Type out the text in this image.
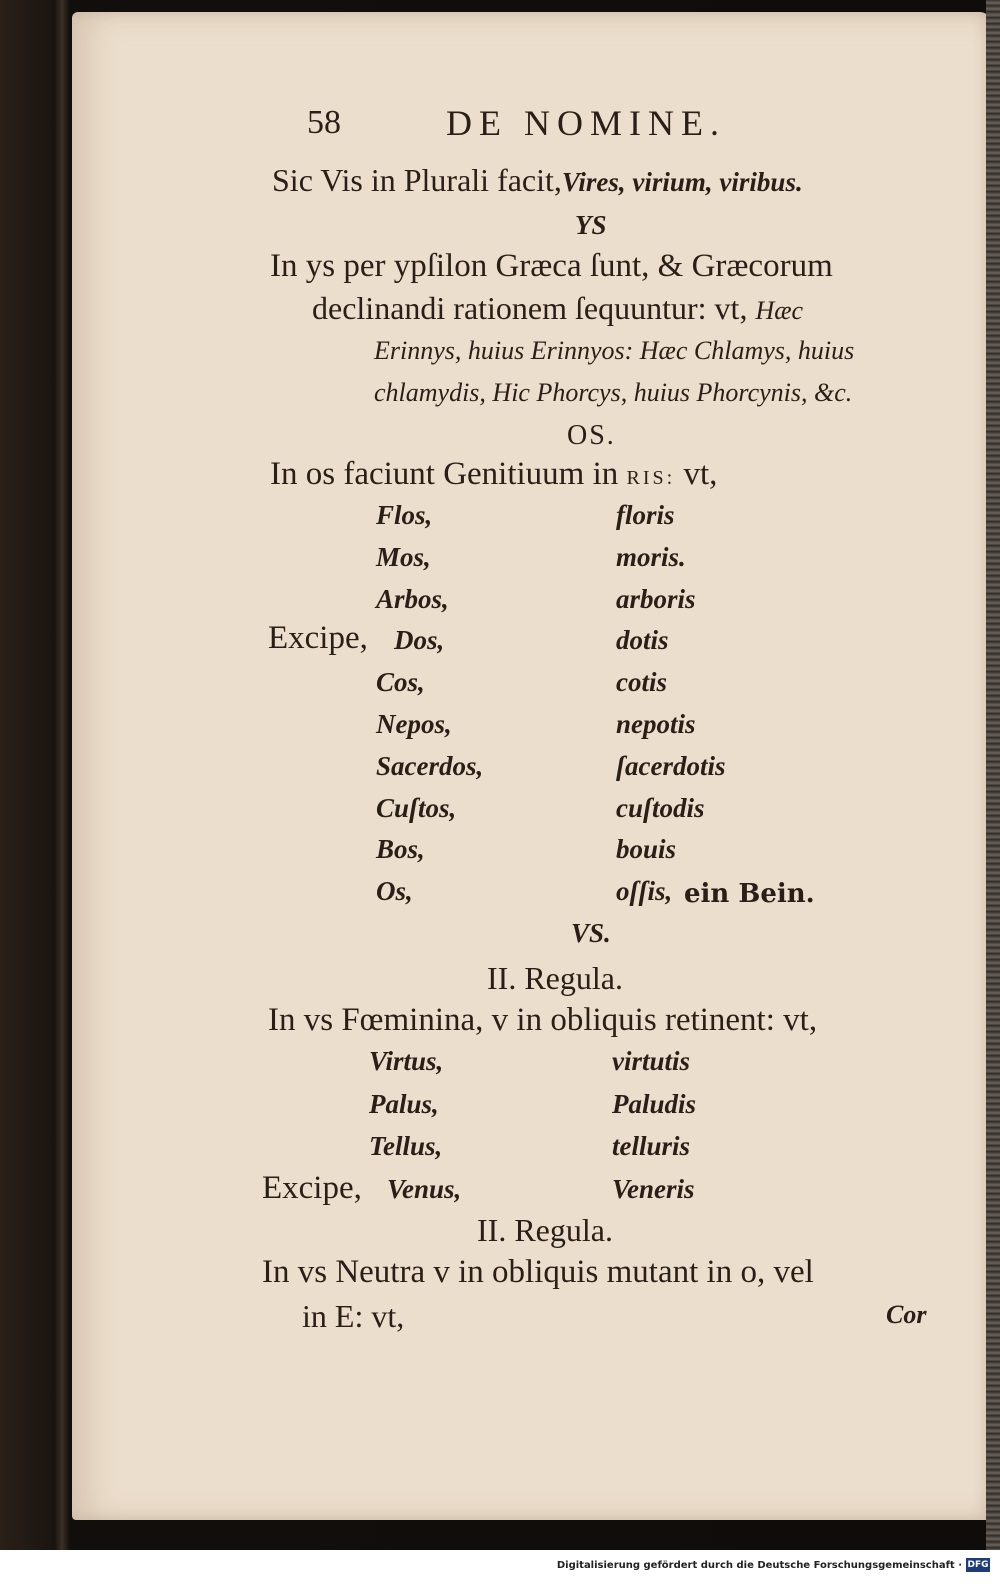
58	DE NOMINE.
Sic Vis in Plurali facit,Vires, virium, viribus.
YS
In ys per ypſilon Græca ſunt, & Græcorum
declinandi rationem ſequuntur: vt, Hæc
Erinnys, huius Erinnyos: Hæc Chlamys, huius
chlamydis, Hic Phorcys, huius Phorcynis, &c.
OS.
In os faciunt Genitiuum in RIS: vt,
Excipe,
Flos,	floris
Mos,	moris.
Arbos,	arboris
Dos,	dotis
Cos,	cotis
Nepos,	nepotis
Sacerdos,	ſacerdotis
Cuſtos,	cuſtodis
Bos,	bouis
Os,	oſſis, ein Bein.
VS.
II. Regula.
In vs Fœminina, v in obliquis retinent: vt,
Excipe,
Virtus,	virtutis
Palus,	Paludis
Tellus,	telluris
Venus,	Veneris
II. Regula.
In vs Neutra v in obliquis mutant in o, vel
in E: vt,	Cor
Digitalisierung gefördert durch die Deutsche Forschungsgemeinschaft · DFG
